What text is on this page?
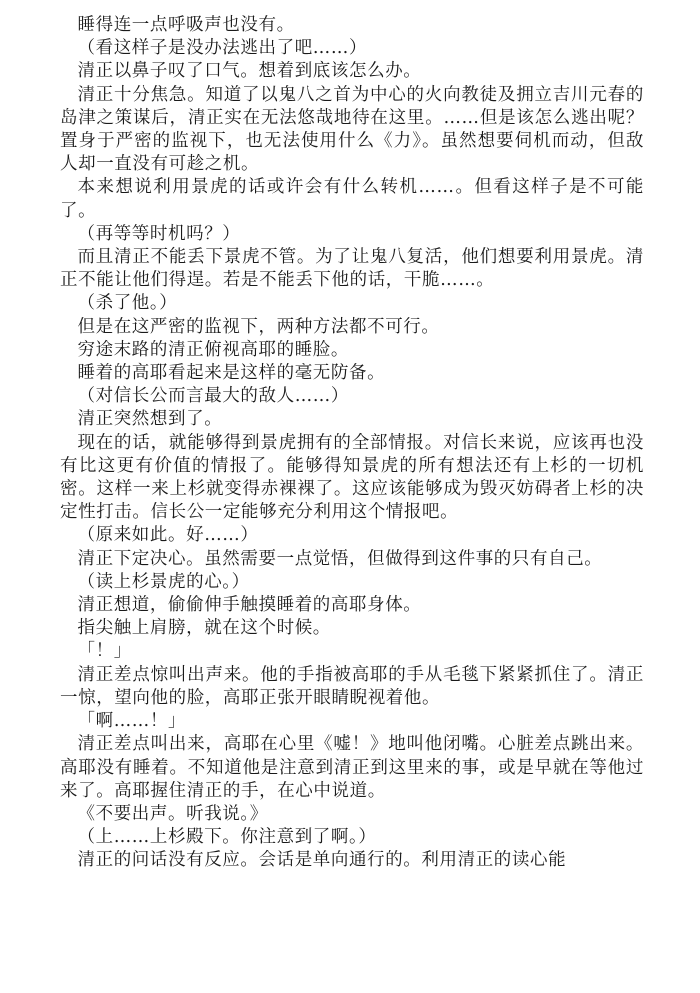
睡得连一点呼吸声也没有。

（看这样子是没办法逃出了吧……）

清正以鼻子叹了口气。想着到底该怎么办。

清正十分焦急。知道了以鬼八之首为中心的火向教徒及拥立吉川元春的岛津之策谋后，清正实在无法悠哉地待在这里。……但是该怎么逃出呢？置身于严密的监视下，也无法使用什么《力》。虽然想要伺机而动，但敌人却一直没有可趁之机。

本来想说利用景虎的话或许会有什么转机……。但看这样子是不可能了。

（再等等时机吗？）

而且清正不能丢下景虎不管。为了让鬼八复活，他们想要利用景虎。清正不能让他们得逞。若是不能丢下他的话，干脆……。

（杀了他。）

但是在这严密的监视下，两种方法都不可行。

穷途末路的清正俯视高耶的睡脸。

睡着的高耶看起来是这样的毫无防备。

（对信长公而言最大的敌人……）

清正突然想到了。

现在的话，就能够得到景虎拥有的全部情报。对信长来说，应该再也没有比这更有价值的情报了。能够得知景虎的所有想法还有上杉的一切机密。这样一来上杉就变得赤裸裸了。这应该能够成为毁灭妨碍者上杉的决定性打击。信长公一定能够充分利用这个情报吧。

（原来如此。好……）

清正下定决心。虽然需要一点觉悟，但做得到这件事的只有自己。

（读上杉景虎的心。）

清正想道，偷偷伸手触摸睡着的高耶身体。

指尖触上肩膀，就在这个时候。

「！」

清正差点惊叫出声来。他的手指被高耶的手从毛毯下紧紧抓住了。清正一惊，望向他的脸，高耶正张开眼睛睨视着他。

「啊……！」

清正差点叫出来，高耶在心里《嘘！》地叫他闭嘴。心脏差点跳出来。高耶没有睡着。不知道他是注意到清正到这里来的事，或是早就在等他过来了。高耶握住清正的手，在心中说道。

《不要出声。听我说。》

（上……上杉殿下。你注意到了啊。）

清正的问话没有反应。会话是单向通行的。利用清正的读心能
